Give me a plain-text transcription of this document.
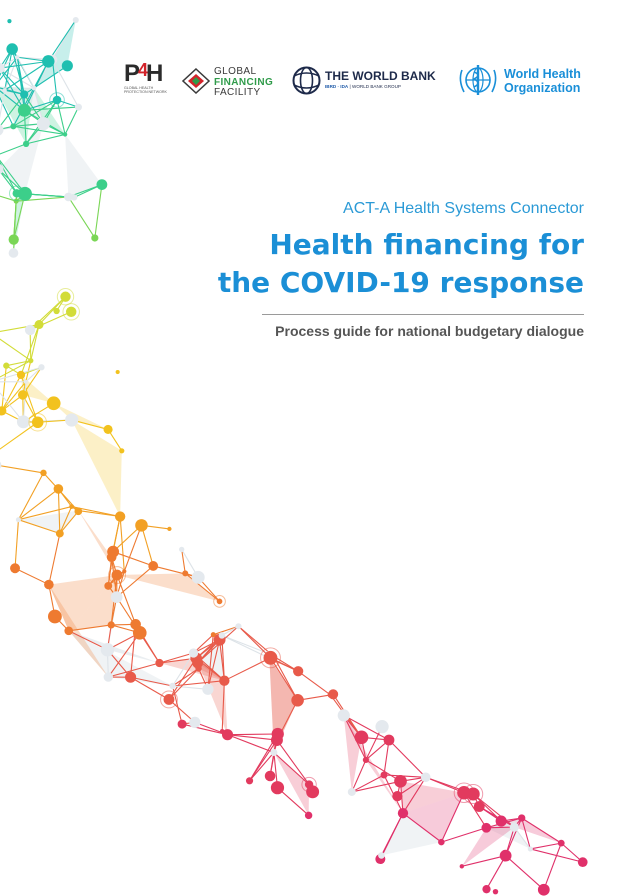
$P^4H$
GLOBAL HEALTH PROTECTION NETWORK
GLOBAL
FINANCING
FACILITY
THE WORLD BANK
IBRD · IDA | WORLD BANK GROUP
World Health
Organization
ACT-A Health Systems Connector
Health financing for
the COVID-19 response
Process guide for national budgetary dialogue
